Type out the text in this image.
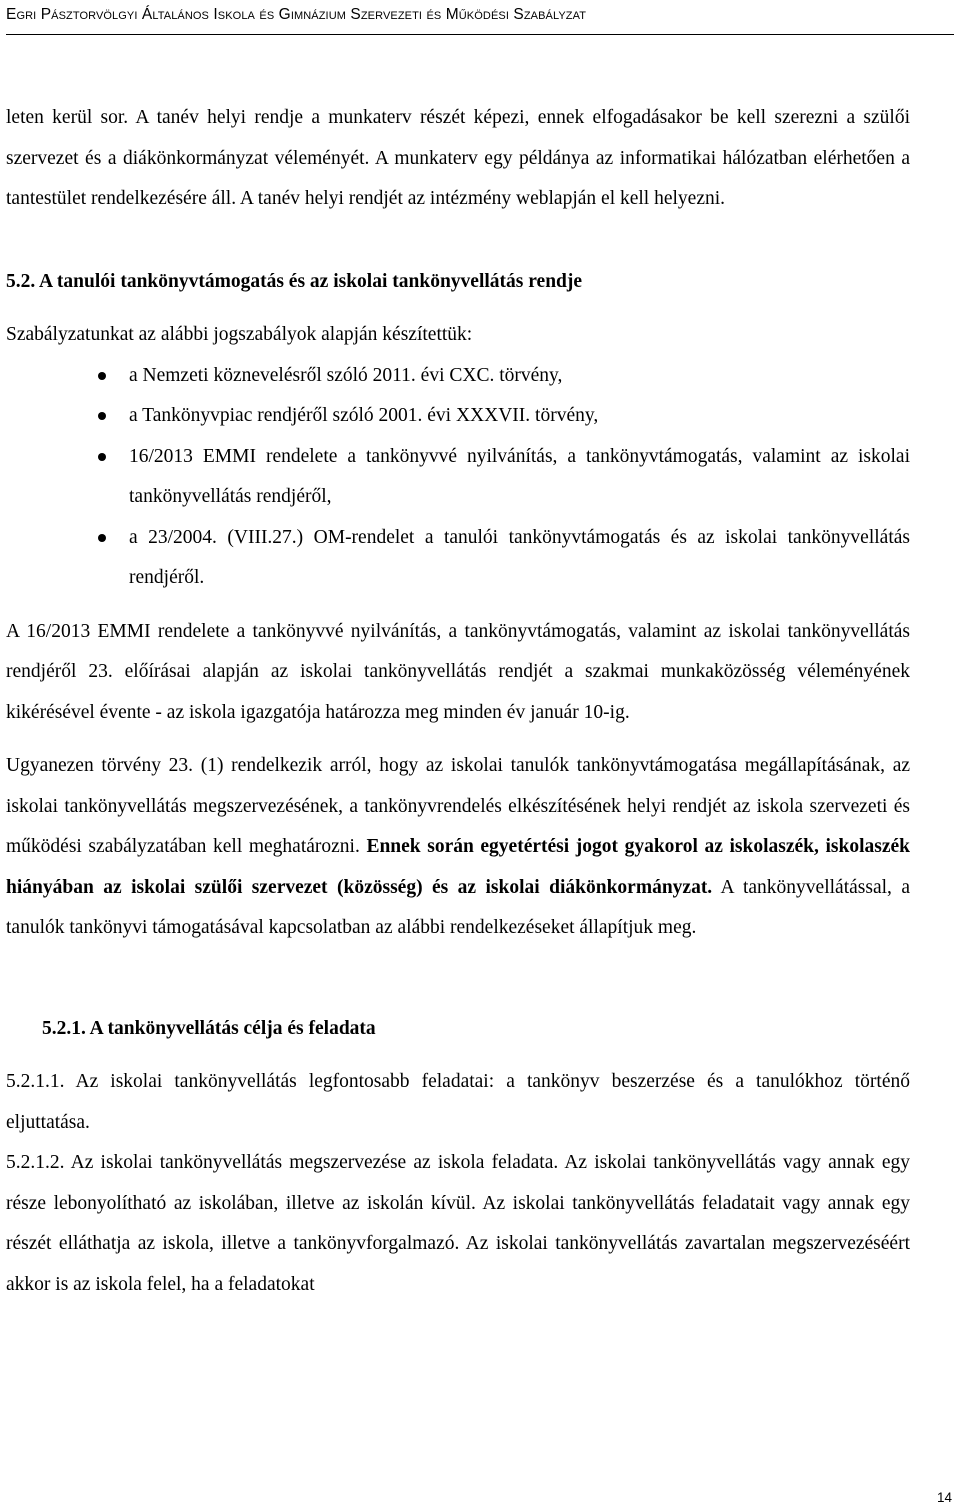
Egri Pásztorvölgyi Általános Iskola és Gimnázium Szervezeti és Működési Szabályzat

leten kerül sor. A tanév helyi rendje a munkaterv részét képezi, ennek elfogadásakor be kell szerezni a szülői szervezet és a diákönkormányzat véleményét. A munkaterv egy példánya az informatikai hálózatban elérhetően a tantestület rendelkezésére áll. A tanév helyi rendjét az intézmény weblapján el kell helyezni.

5.2. A tanulói tankönyvtámogatás és az iskolai tankönyvellátás rendje

Szabályzatunkat az alábbi jogszabályok alapján készítettük:

a Nemzeti köznevelésről szóló 2011. évi CXC. törvény,

a Tankönyvpiac rendjéről szóló 2001. évi XXXVII. törvény,

16/2013 EMMI rendelete a tankönyvvé nyilvánítás, a tankönyvtámogatás, valamint az iskolai tankönyvellátás rendjéről,

a 23/2004. (VIII.27.) OM-rendelet a tanulói tankönyvtámogatás és az iskolai tankönyvellátás rendjéről.

A 16/2013 EMMI rendelete a tankönyvvé nyilvánítás, a tankönyvtámogatás, valamint az iskolai tankönyvellátás rendjéről 23. előírásai alapján az iskolai tankönyvellátás rendjét a szakmai munkaközösség véleményének kikérésével évente - az iskola igazgatója határozza meg minden év január 10-ig.

Ugyanezen törvény 23. (1) rendelkezik arról, hogy az iskolai tanulók tankönyvtámogatása megállapításának, az iskolai tankönyvellátás megszervezésének, a tankönyvrendelés elkészítésének helyi rendjét az iskola szervezeti és működési szabályzatában kell meghatározni. Ennek során egyetértési jogot gyakorol az iskolaszék, iskolaszék hiányában az iskolai szülői szervezet (közösség) és az iskolai diákönkormányzat. A tankönyvellátással, a tanulók tankönyvi támogatásával kapcsolatban az alábbi rendelkezéseket állapítjuk meg.

5.2.1. A tankönyvellátás célja és feladata

5.2.1.1. Az iskolai tankönyvellátás legfontosabb feladatai: a tankönyv beszerzése és a tanulókhoz történő eljuttatása.

5.2.1.2. Az iskolai tankönyvellátás megszervezése az iskola feladata. Az iskolai tankönyvellátás vagy annak egy része lebonyolítható az iskolában, illetve az iskolán kívül. Az iskolai tankönyvellátás feladatait vagy annak egy részét elláthatja az iskola, illetve a tankönyvforgalmazó. Az iskolai tankönyvellátás zavartalan megszervezéséért akkor is az iskola felel, ha a feladatokat

14
